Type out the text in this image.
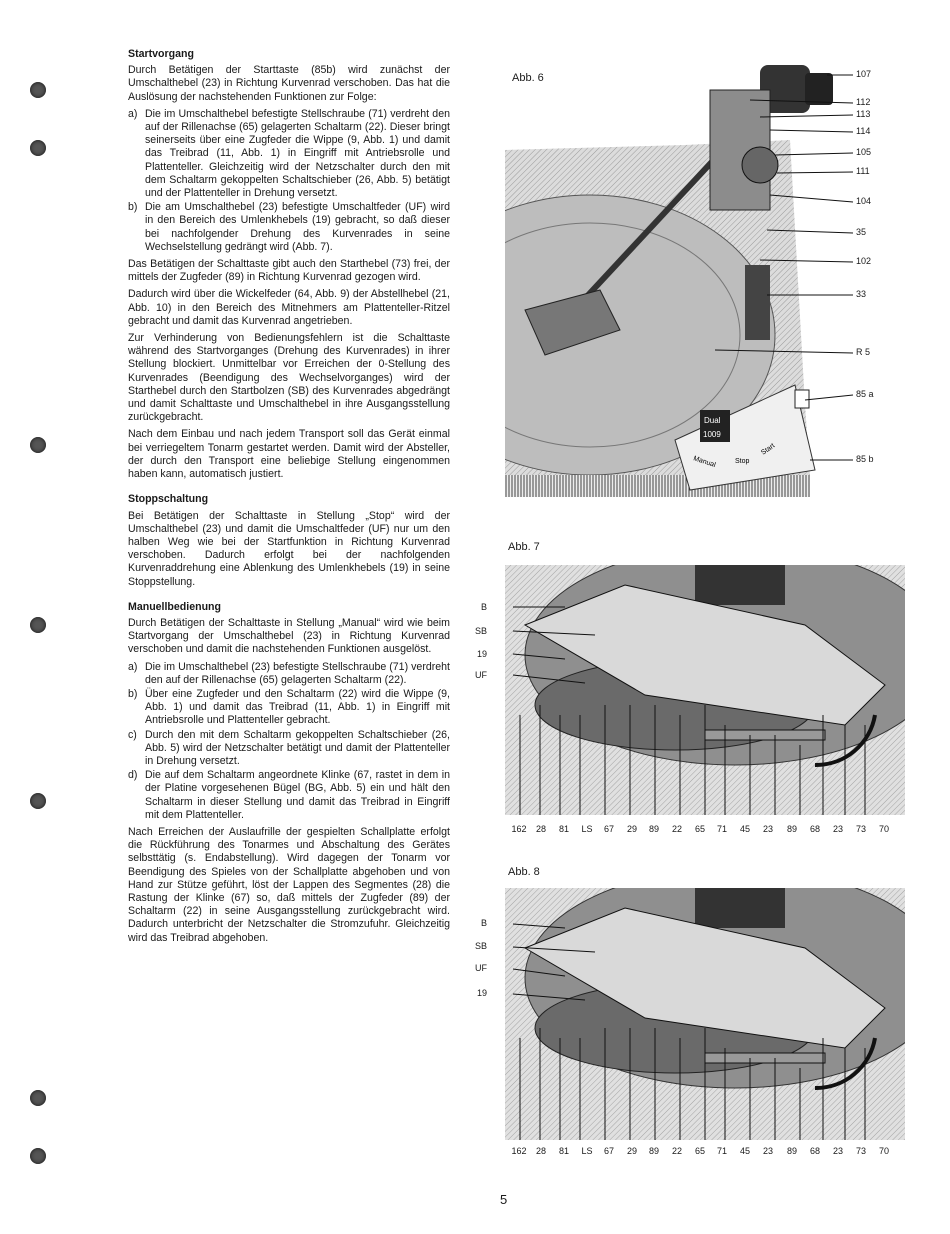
Startvorgang

Durch Betätigen der Starttaste (85b) wird zunächst der Umschalthebel (23) in Richtung Kurvenrad verschoben. Das hat die Auslösung der nachstehenden Funktionen zur Folge:

a) Die im Umschalthebel befestigte Stellschraube (71) verdreht den auf der Rillenachse (65) gelagerten Schaltarm (22). Dieser bringt seinerseits über eine Zugfeder die Wippe (9, Abb. 1) und damit das Treibrad (11, Abb. 1) in Eingriff mit Antriebsrolle und Plattenteller. Gleichzeitig wird der Netzschalter durch den mit dem Schaltarm gekoppelten Schaltschieber (26, Abb. 5) betätigt und der Plattenteller in Drehung versetzt.
b) Die am Umschalthebel (23) befestigte Umschaltfeder (UF) wird in den Bereich des Umlenkhebels (19) gebracht, so daß dieser bei nachfolgender Drehung des Kurvenrades in seine Wechselstellung gedrängt wird (Abb. 7).

Das Betätigen der Schalttaste gibt auch den Starthebel (73) frei, der mittels der Zugfeder (89) in Richtung Kurvenrad gezogen wird.

Dadurch wird über die Wickelfeder (64, Abb. 9) der Abstellhebel (21, Abb. 10) in den Bereich des Mitnehmers am Plattenteller-Ritzel gebracht und damit das Kurvenrad angetrieben.

Zur Verhinderung von Bedienungsfehlern ist die Schalttaste während des Startvorganges (Drehung des Kurvenrades) in ihrer Stellung blockiert. Unmittelbar vor Erreichen der 0-Stellung des Kurvenrades (Beendigung des Wechselvorganges) wird der Starthebel durch den Startbolzen (SB) des Kurvenrades abgedrängt und damit Schalttaste und Umschalthebel in ihre Ausgangsstellung zurückgebracht.

Nach dem Einbau und nach jedem Transport soll das Gerät einmal bei verriegeltem Tonarm gestartet werden. Damit wird der Absteller, der durch den Transport eine beliebige Stellung eingenommen haben kann, automatisch justiert.

Stoppschaltung

Bei Betätigen der Schalttaste in Stellung „Stop“ wird der Umschalthebel (23) und damit die Umschaltfeder (UF) nur um den halben Weg wie bei der Startfunktion in Richtung Kurvenrad verschoben. Dadurch erfolgt bei der nachfolgenden Kurvenraddrehung eine Ablenkung des Umlenkhebels (19) in seine Stoppstellung.

Manuellbedienung

Durch Betätigen der Schalttaste in Stellung „Manual“ wird wie beim Startvorgang der Umschalthebel (23) in Richtung Kurvenrad verschoben und damit die nachstehenden Funktionen ausgelöst.

a) Die im Umschalthebel (23) befestigte Stellschraube (71) verdreht den auf der Rillenachse (65) gelagerten Schaltarm (22).
b) Über eine Zugfeder und den Schaltarm (22) wird die Wippe (9, Abb. 1) und damit das Treibrad (11, Abb. 1) in Eingriff mit Antriebsrolle und Plattenteller gebracht.
c) Durch den mit dem Schaltarm gekoppelten Schaltschieber (26, Abb. 5) wird der Netzschalter betätigt und damit der Plattenteller in Drehung versetzt.
d) Die auf dem Schaltarm angeordnete Klinke (67, rastet in dem in der Platine vorgesehenen Bügel (BG, Abb. 5) ein und hält den Schaltarm in dieser Stellung und damit das Treibrad in Eingriff mit dem Plattenteller.

Nach Erreichen der Auslaufrille der gespielten Schallplatte erfolgt die Rückführung des Tonarmes und Abschaltung des Gerätes selbsttätig (s. Endabstellung). Wird dagegen der Tonarm vor Beendigung des Spieles von der Schallplatte abgehoben und von Hand zur Stütze geführt, löst der Lappen des Segmentes (28) die Rastung der Klinke (67) so, daß mittels der Zugfeder (89) der Schaltarm (22) in seine Ausgangsstellung zurückgebracht wird. Dadurch unterbricht der Netzschalter die Stromzufuhr. Gleichzeitig wird das Treibrad abgehoben.

Abb. 6
Dual
1009
Manual	Stop
Start
107
112
113
114
105
111
104
35
102
33
R 5
85 a
85 b
Abb. 7
B
SB
19
UF
162 28 81 LS 67 29 89 22 65 71 45 23 89 68 23 73 70
Abb. 8
B
SB
UF
19
162 28 81 LS 67 29 89 22 65 71 45 23 89 68 23 73 70
5
